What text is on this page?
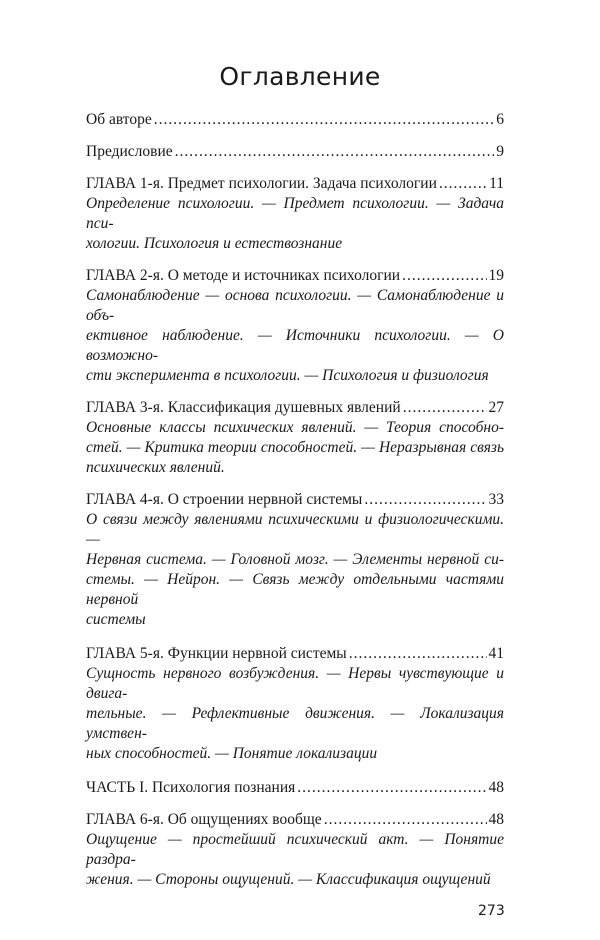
Оглавление
Об авторе .....	6
Предисловие .....	9
ГЛАВА 1-я. Предмет психологии. Задача психологии .....	11
Определение психологии. — Предмет психологии. — Задача пси-
хологии. Психология и естествознание
ГЛАВА 2-я. О методе и источниках психологии .....	19
Самонаблюдение — основа психологии. — Самонаблюдение и объ-
ективное наблюдение. — Источники психологии. — О возможно-
сти эксперимента в психологии. — Психология и физиология
ГЛАВА 3-я. Классификация душевных явлений .....	27
Основные классы психических явлений. — Теория способно-
стей. — Критика теории способностей. — Неразрывная связь
психических явлений.
ГЛАВА 4-я. О строении нервной системы .....	33
О связи между явлениями психическими и физиологическими. —
Нервная система. — Головной мозг. — Элементы нервной си-
стемы. — Нейрон. — Связь между отдельными частями нервной
системы
ГЛАВА 5-я. Функции нервной системы .....	41
Сущность нервного возбуждения. — Нервы чувствующие и двига-
тельные. — Рефлективные движения. — Локализация умствен-
ных способностей. — Понятие локализации
ЧАСТЬ I. Психология познания .....	48
ГЛАВА 6-я. Об ощущениях вообще .....	48
Ощущение — простейший психический акт. — Понятие раздра-
жения. — Стороны ощущений. — Классификация ощущений
273
